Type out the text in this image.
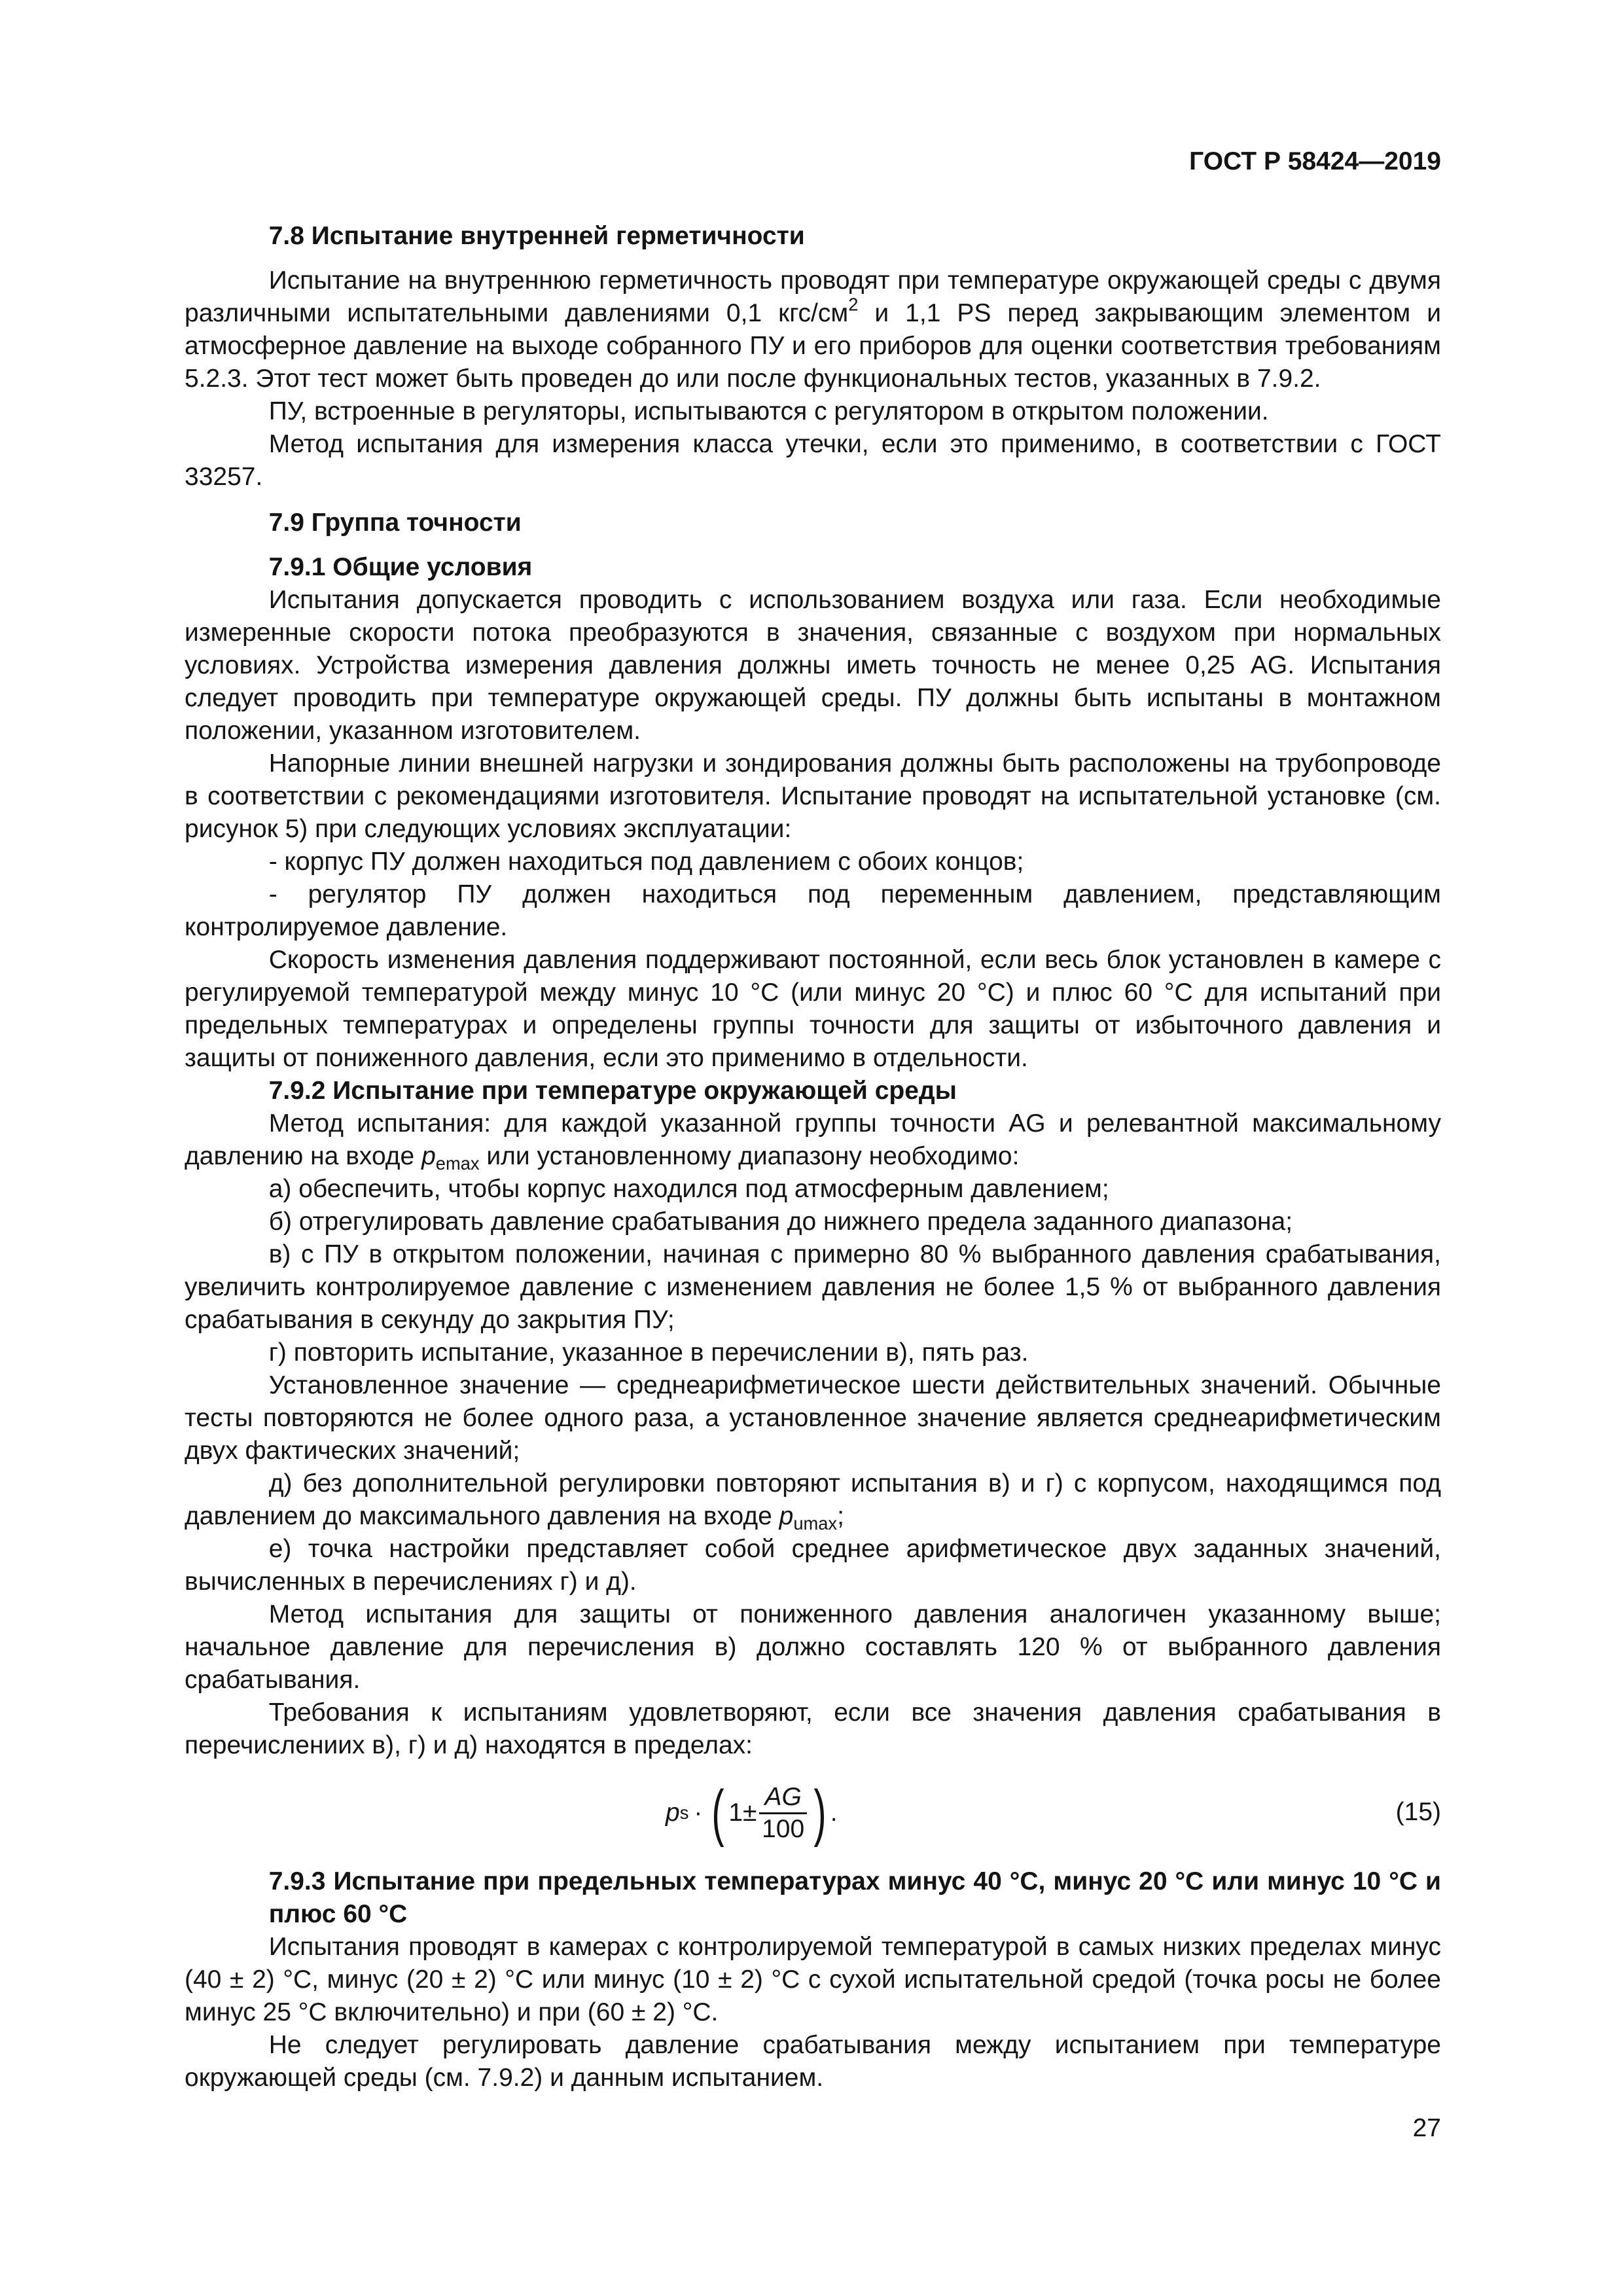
ГОСТ Р 58424—2019
7.8 Испытание внутренней герметичности

Испытание на внутреннюю герметичность проводят при температуре окружающей среды с двумя различными испытательными давлениями 0,1 кгс/$см^2$ и 1,1 PS перед закрывающим элементом и атмосферное давление на выходе собранного ПУ и его приборов для оценки соответствия требованиям 5.2.3. Этот тест может быть проведен до или после функциональных тестов, указанных в 7.9.2.

ПУ, встроенные в регуляторы, испытываются с регулятором в открытом положении.

Метод испытания для измерения класса утечки, если это применимо, в соответствии с ГОСТ 33257.

7.9 Группа точности
7.9.1 Общие условия

Испытания допускается проводить с использованием воздуха или газа. Если необходимые измеренные скорости потока преобразуются в значения, связанные с воздухом при нормальных условиях. Устройства измерения давления должны иметь точность не менее 0,25 AG. Испытания следует проводить при температуре окружающей среды. ПУ должны быть испытаны в монтажном положении, указанном изготовителем.

Напорные линии внешней нагрузки и зондирования должны быть расположены на трубопроводе в соответствии с рекомендациями изготовителя. Испытание проводят на испытательной установке (см. рисунок 5) при следующих условиях эксплуатации:

- корпус ПУ должен находиться под давлением с обоих концов;

- регулятор ПУ должен находиться под переменным давлением, представляющим контролируемое давление.

Скорость изменения давления поддерживают постоянной, если весь блок установлен в камере с регулируемой температурой между минус 10 °С (или минус 20 °С) и плюс 60 °С для испытаний при предельных температурах и определены группы точности для защиты от избыточного давления и защиты от пониженного давления, если это применимо в отдельности.

7.9.2 Испытание при температуре окружающей среды

Метод испытания: для каждой указанной группы точности AG и релевантной максимальному давлению на входе $p_{emax}$ или установленному диапазону необходимо:

а) обеспечить, чтобы корпус находился под атмосферным давлением;

б) отрегулировать давление срабатывания до нижнего предела заданного диапазона;

в) с ПУ в открытом положении, начиная с примерно 80 % выбранного давления срабатывания, увеличить контролируемое давление с изменением давления не более 1,5 % от выбранного давления срабатывания в секунду до закрытия ПУ;

г) повторить испытание, указанное в перечислении в), пять раз.

Установленное значение — среднеарифметическое шести действительных значений. Обычные тесты повторяются не более одного раза, а установленное значение является среднеарифметическим двух фактических значений;

д) без дополнительной регулировки повторяют испытания в) и г) с корпусом, находящимся под давлением до максимального давления на входе $p_{umax}$;

е) точка настройки представляет собой среднее арифметическое двух заданных значений, вычисленных в перечислениях г) и д).

Метод испытания для защиты от пониженного давления аналогичен указанному выше; начальное давление для перечисления в) должно составлять 120 % от выбранного давления срабатывания.

Требования к испытаниям удовлетворяют, если все значения давления срабатывания в перечислениих в), г) и д) находятся в пределах:

p s · ( $1\pm \frac{AG}{100}$ ) .	(15)
7.9.3 Испытание при предельных температурах минус 40 °С, минус 20 °С или минус 10 °С и плюс 60 °С

Испытания проводят в камерах с контролируемой температурой в самых низких пределах минус (40 ± 2) °С, минус (20 ± 2) °С или минус (10 ± 2) °С с сухой испытательной средой (точка росы не более минус 25 °С включительно) и при (60 ± 2) °С.

Не следует регулировать давление срабатывания между испытанием при температуре окружающей среды (см. 7.9.2) и данным испытанием.

27
